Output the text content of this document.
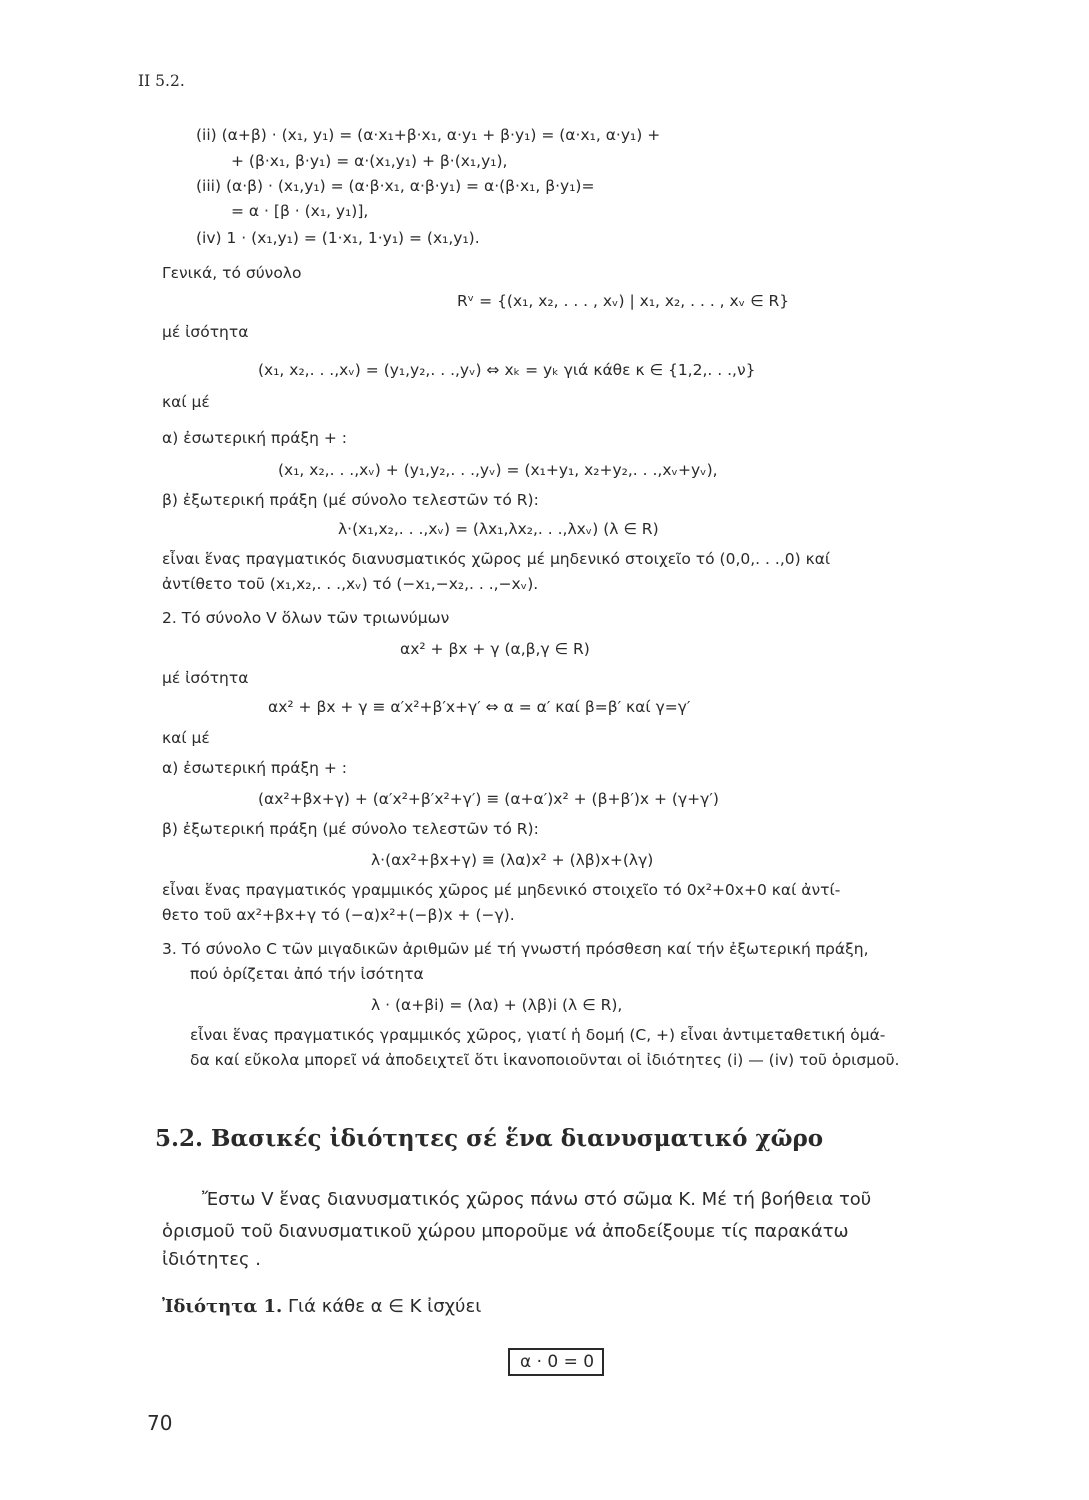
II 5.2.
(ii) (α+β) · (x₁, y₁) = (α·x₁+β·x₁, α·y₁ + β·y₁) = (α·x₁, α·y₁) +
+ (β·x₁, β·y₁) = α·(x₁,y₁) + β·(x₁,y₁),
(iii) (α·β) · (x₁,y₁) = (α·β·x₁, α·β·y₁) = α·(β·x₁, β·y₁)=
= α · [β · (x₁, y₁)],
(iv) 1 · (x₁,y₁) = (1·x₁, 1·y₁) = (x₁,y₁).
Γενικά, τό σύνολο
Rᵛ = {(x₁, x₂, . . . , xᵥ) | x₁, x₂, . . . , xᵥ ∈ R}
μέ ἰσότητα
(x₁, x₂,. . .,xᵥ) = (y₁,y₂,. . .,yᵥ) ⇔ xₖ = yₖ γιά κάθε κ ∈ {1,2,. . .,ν}
καί μέ
α) ἐσωτερική πράξη + :
(x₁, x₂,. . .,xᵥ) + (y₁,y₂,. . .,yᵥ) = (x₁+y₁, x₂+y₂,. . .,xᵥ+yᵥ),
β) ἐξωτερική πράξη (μέ σύνολο τελεστῶν τό R):
λ·(x₁,x₂,. . .,xᵥ) = (λx₁,λx₂,. . .,λxᵥ) (λ ∈ R)
εἶναι ἕνας πραγματικός διανυσματικός χῶρος μέ μηδενικό στοιχεῖο τό (0,0,. . .,0) καί
ἀντίθετο τοῦ (x₁,x₂,. . .,xᵥ) τό (−x₁,−x₂,. . .,−xᵥ).
2. Τό σύνολο V ὅλων τῶν τριωνύμων
αx² + βx + γ (α,β,γ ∈ R)
μέ ἰσότητα
αx² + βx + γ ≡ α′x²+β′x+γ′ ⇔ α = α′ καί β=β′ καί γ=γ′
καί μέ
α) ἐσωτερική πράξη + :
(αx²+βx+γ) + (α′x²+β′x²+γ′) ≡ (α+α′)x² + (β+β′)x + (γ+γ′)
β) ἐξωτερική πράξη (μέ σύνολο τελεστῶν τό R):
λ·(αx²+βx+γ) ≡ (λα)x² + (λβ)x+(λγ)
εἶναι ἕνας πραγματικός γραμμικός χῶρος μέ μηδενικό στοιχεῖο τό 0x²+0x+0 καί ἀντί-
θετο τοῦ αx²+βx+γ τό (−α)x²+(−β)x + (−γ).
3. Τό σύνολο C τῶν μιγαδικῶν ἀριθμῶν μέ τή γνωστή πρόσθεση καί τήν ἐξωτερική πράξη,
πού ὁρίζεται ἀπό τήν ἰσότητα
λ · (α+βi) = (λα) + (λβ)i (λ ∈ R),
εἶναι ἕνας πραγματικός γραμμικός χῶρος, γιατί ἡ δομή (C, +) εἶναι ἀντιμεταθετική ὁμά-
δα καί εὔκολα μπορεῖ νά ἀποδειχτεῖ ὅτι ἱκανοποιοῦνται οἱ ἰδιότητες (i) — (iv) τοῦ ὁρισμοῦ.
5.2. Βασικές ἰδιότητες σέ ἕνα διανυσματικό χῶρο
Ἔστω V ἕνας διανυσματικός χῶρος πάνω στό σῶμα K. Μέ τή βοήθεια τοῦ
ὁρισμοῦ τοῦ διανυσματικοῦ χώρου μποροῦμε νά ἀποδείξουμε τίς παρακάτω
ἰδιότητες .
Ἰδιότητα 1. Γιά κάθε α ∈ K ἰσχύει
α · 0 = 0
70
